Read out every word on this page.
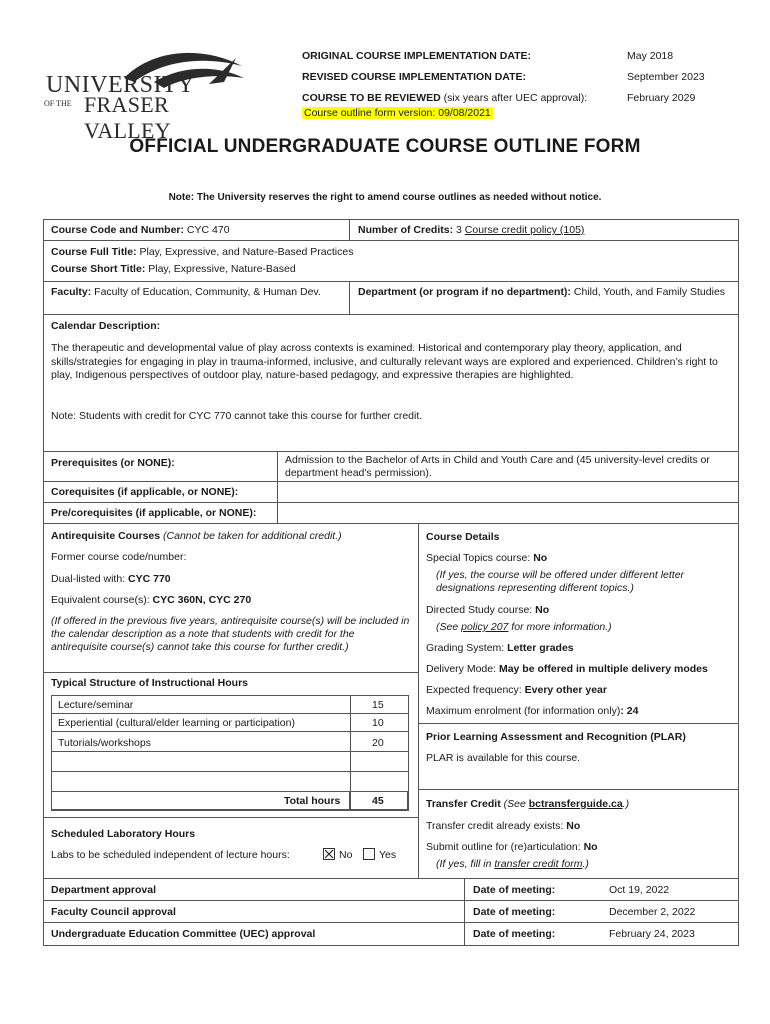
UNIVERSITY
OF THE FRASER VALLEY
ORIGINAL COURSE IMPLEMENTATION DATE:	May 2018
REVISED COURSE IMPLEMENTATION DATE:	September 2023
COURSE TO BE REVIEWED (six years after UEC approval):	February 2029
Course outline form version: 09/08/2021
OFFICIAL UNDERGRADUATE COURSE OUTLINE FORM
Note: The University reserves the right to amend course outlines as needed without notice.
Course Code and Number: CYC 470	Number of Credits: 3 Course credit policy (105)
Course Full Title: Play, Expressive, and Nature-Based Practices
Course Short Title: Play, Expressive, Nature-Based
Faculty: Faculty of Education, Community, & Human Dev.	Department (or program if no department): Child, Youth, and Family Studies
Calendar Description:
The therapeutic and developmental value of play across contexts is examined. Historical and contemporary play theory, application, and skills/strategies for engaging in play in trauma-informed, inclusive, and culturally relevant ways are explored and experienced. Children’s right to play, Indigenous perspectives of outdoor play, nature-based pedagogy, and expressive therapies are highlighted.
Note: Students with credit for CYC 770 cannot take this course for further credit.
Prerequisites (or NONE):	Admission to the Bachelor of Arts in Child and Youth Care and (45 university-level credits or department head's permission).
Corequisites (if applicable, or NONE):
Pre/corequisites (if applicable, or NONE):
Antirequisite Courses (Cannot be taken for additional credit.)
Former course code/number:
Dual-listed with: CYC 770
Equivalent course(s): CYC 360N, CYC 270
(If offered in the previous five years, antirequisite course(s) will be included in the calendar description as a note that students with credit for the antirequisite course(s) cannot take this course for further credit.)
Typical Structure of Instructional Hours
Lecture/seminar	15
Experiential (cultural/elder learning or participation)	10
Tutorials/workshops	20
Total hours	45
Scheduled Laboratory Hours
Labs to be scheduled independent of lecture hours:	No	Yes
Course Details
Special Topics course: No
(If yes, the course will be offered under different letter designations representing different topics.)
Directed Study course: No
(See policy 207 for more information.)
Grading System: Letter grades
Delivery Mode: May be offered in multiple delivery modes
Expected frequency: Every other year
Maximum enrolment (for information only): 24
Prior Learning Assessment and Recognition (PLAR)
PLAR is available for this course.
Transfer Credit (See bctransferguide.ca.)
Transfer credit already exists: No
Submit outline for (re)articulation: No
(If yes, fill in transfer credit form.)
Department approval	Date of meeting:	Oct 19, 2022
Faculty Council approval	Date of meeting:	December 2, 2022
Undergraduate Education Committee (UEC) approval	Date of meeting:	February 24, 2023
